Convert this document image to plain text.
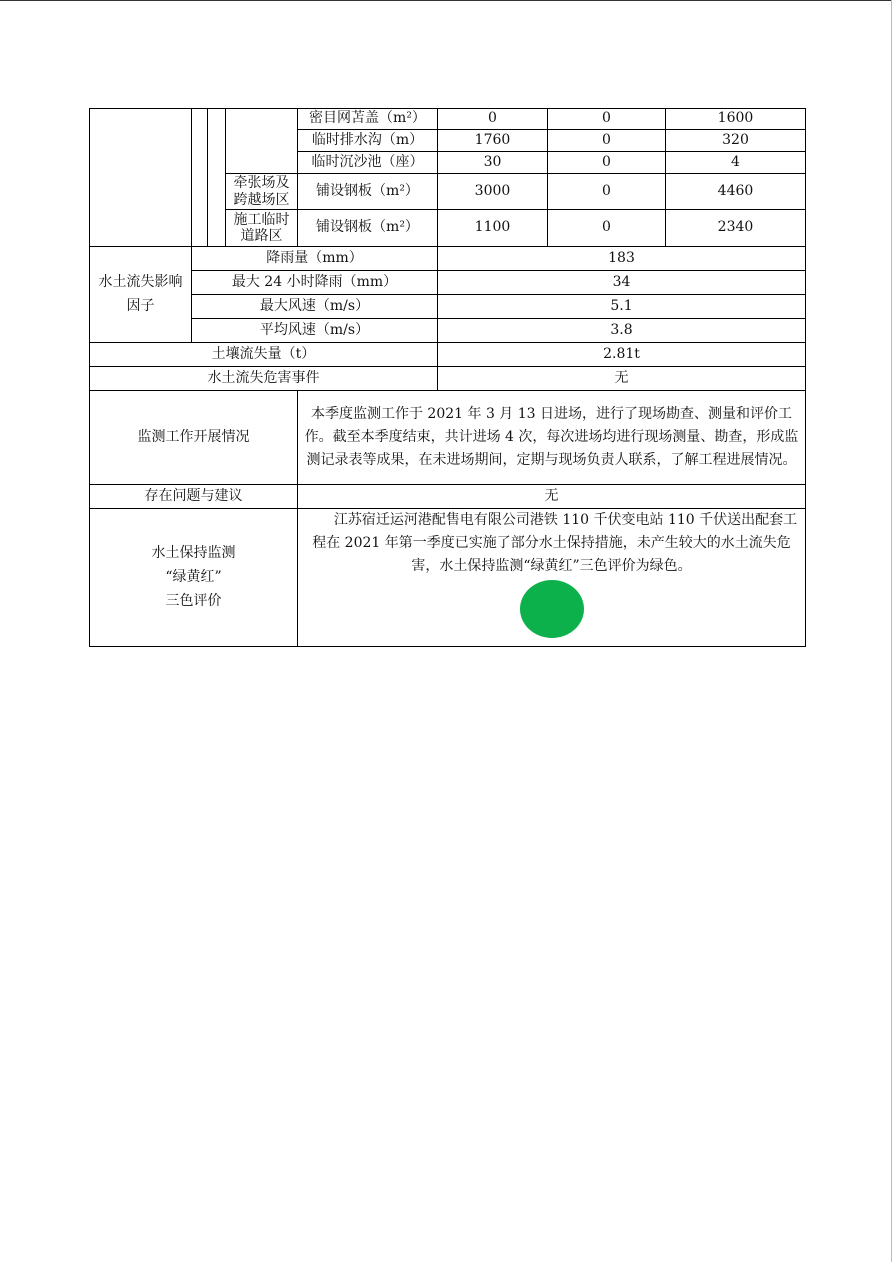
				密目网苫盖（m²）	0	0	1600
				临时排水沟（m）	1760	0	320
				临时沉沙池（座）	30	0	4
			牵张场及跨越场区	铺设钢板（m²）	3000	0	4460
			施工临时道路区	铺设钢板（m²）	1100	0	2340
水土流失影响因子	降雨量（mm）				183		
	最大 24 小时降雨（mm）				34		
	最大风速（m/s）				5.1		
	平均风速（m/s）				3.8		
土壤流失量（t）					2.81t		
水土流失危害事件					无		
监测工作开展情况				本季度监测工作于 2021 年 3 月 13 日进场，进行了现场勘查、测量和评价工作。截至本季度结束，共计进场 4 次，每次进场均进行现场测量、勘查，形成监测记录表等成果，在未进场期间，定期与现场负责人联系，了解工程进展情况。			
存在问题与建议				无			

水土保持监测
“绿黄红”
三色评价				江苏宿迁运河港配售电有限公司港铁 110 千伏变电站 110 千伏送出配套工程在 2021 年第一季度已实施了部分水土保持措施，未产生较大的水土流失危害，水土保持监测“绿黄红”三色评价为绿色。			
